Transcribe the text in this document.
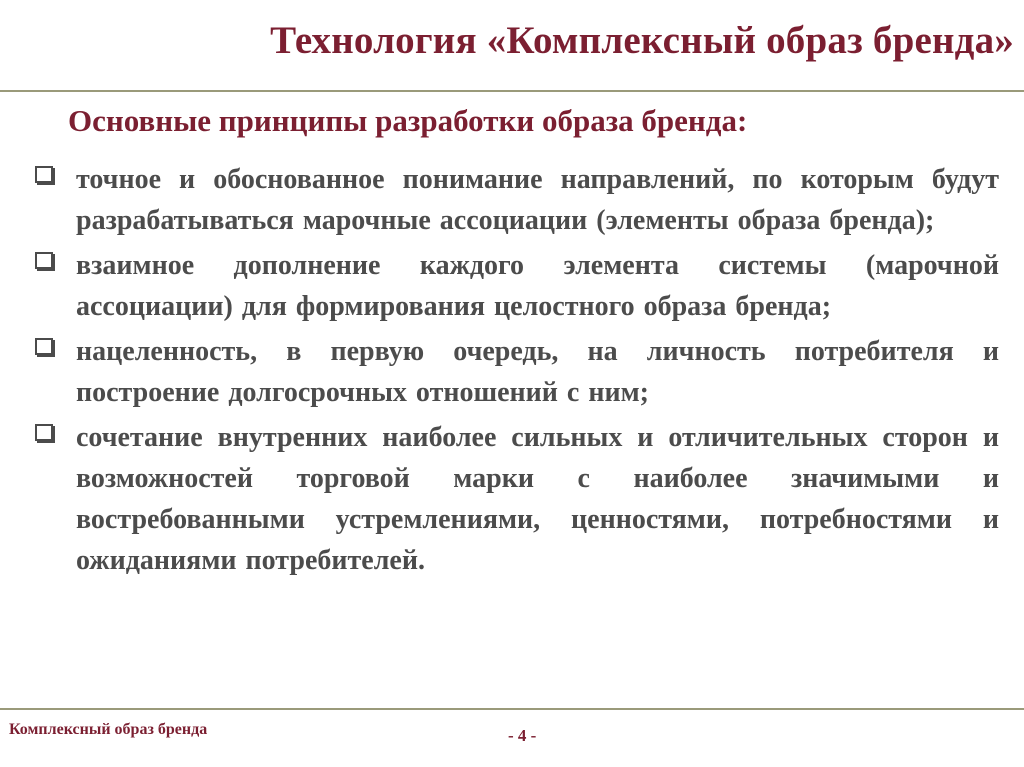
Технология «Комплексный образ бренда»
Основные принципы разработки образа бренда:
точное и обоснованное понимание направлений, по которым будут разрабатываться марочные ассоциации (элементы образа бренда);
взаимное дополнение каждого элемента системы (марочной ассоциации) для формирования целостного образа бренда;
нацеленность, в первую очередь, на личность потребителя и построение долгосрочных отношений с ним;
сочетание внутренних наиболее сильных и отличительных сторон и возможностей торговой марки с наиболее значимыми и востребованными устремлениями, ценностями, потребностями и ожиданиями потребителей.
Комплексный образ бренда	- 4 -
